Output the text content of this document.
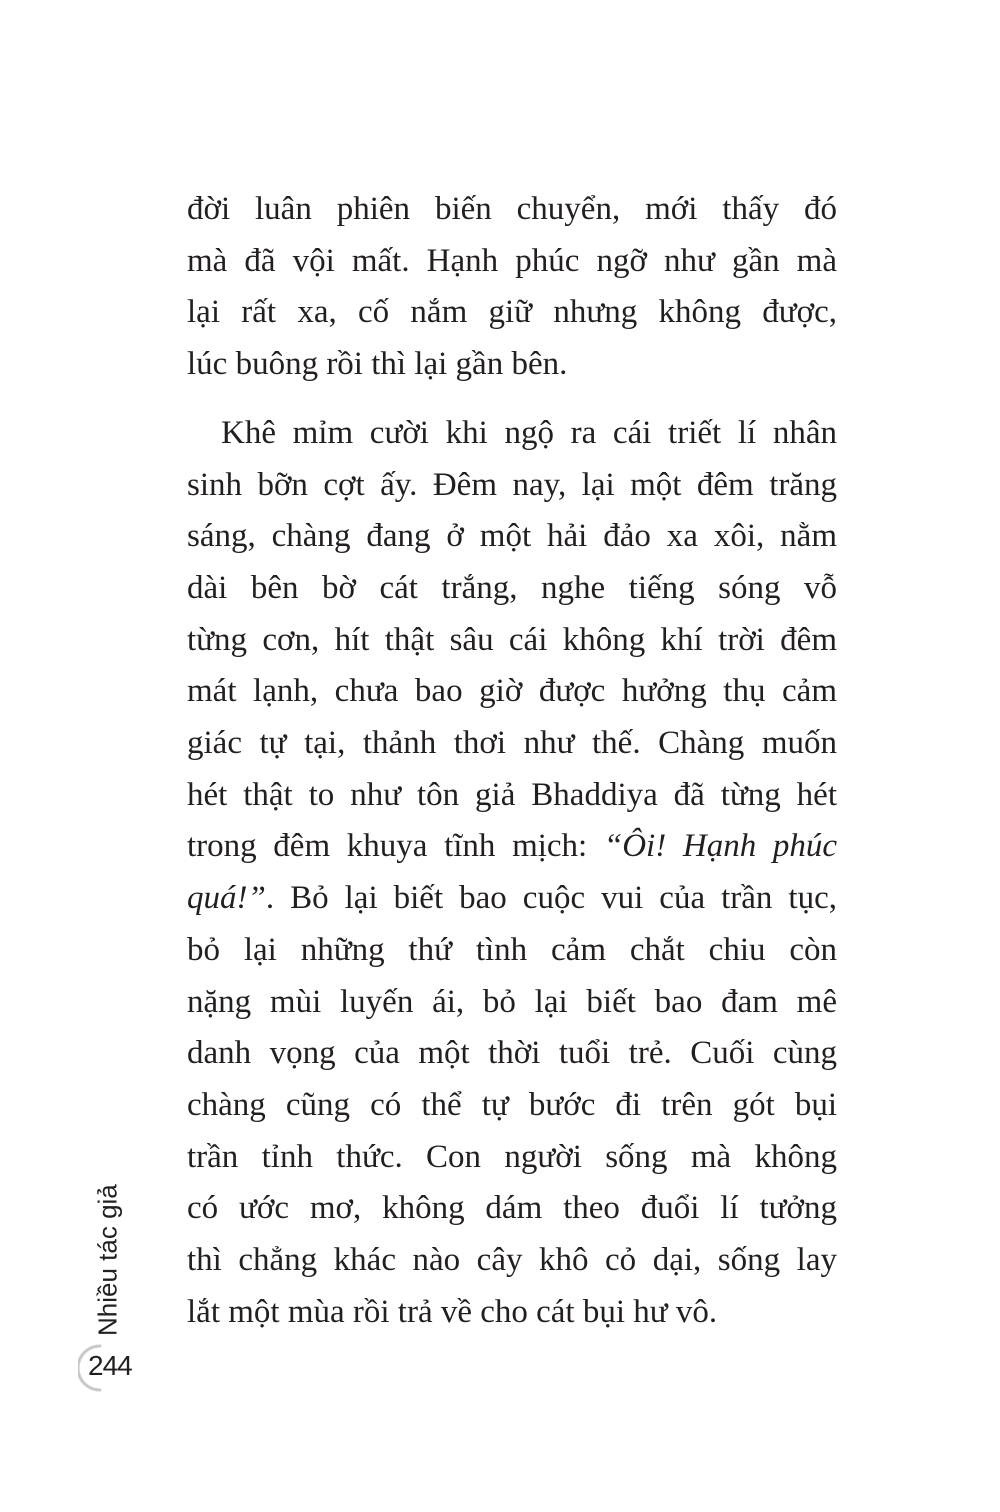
đời luân phiên biến chuyển, mới thấy đó
mà đã vội mất. Hạnh phúc ngỡ như gần mà
lại rất xa, cố nắm giữ nhưng không được,
lúc buông rồi thì lại gần bên.
Khê mỉm cười khi ngộ ra cái triết lí nhân
sinh bỡn cợt ấy. Đêm nay, lại một đêm trăng
sáng, chàng đang ở một hải đảo xa xôi, nằm
dài bên bờ cát trắng, nghe tiếng sóng vỗ
từng cơn, hít thật sâu cái không khí trời đêm
mát lạnh, chưa bao giờ được hưởng thụ cảm
giác tự tại, thảnh thơi như thế. Chàng muốn
hét thật to như tôn giả Bhaddiya đã từng hét
trong đêm khuya tĩnh mịch: “Ôi! Hạnh phúc
quá!”. Bỏ lại biết bao cuộc vui của trần tục,
bỏ lại những thứ tình cảm chắt chiu còn
nặng mùi luyến ái, bỏ lại biết bao đam mê
danh vọng của một thời tuổi trẻ. Cuối cùng
chàng cũng có thể tự bước đi trên gót bụi
trần tỉnh thức. Con người sống mà không
có ước mơ, không dám theo đuổi lí tưởng
thì chẳng khác nào cây khô cỏ dại, sống lay
lắt một mùa rồi trả về cho cát bụi hư vô.
Nhiều tác giả
244
